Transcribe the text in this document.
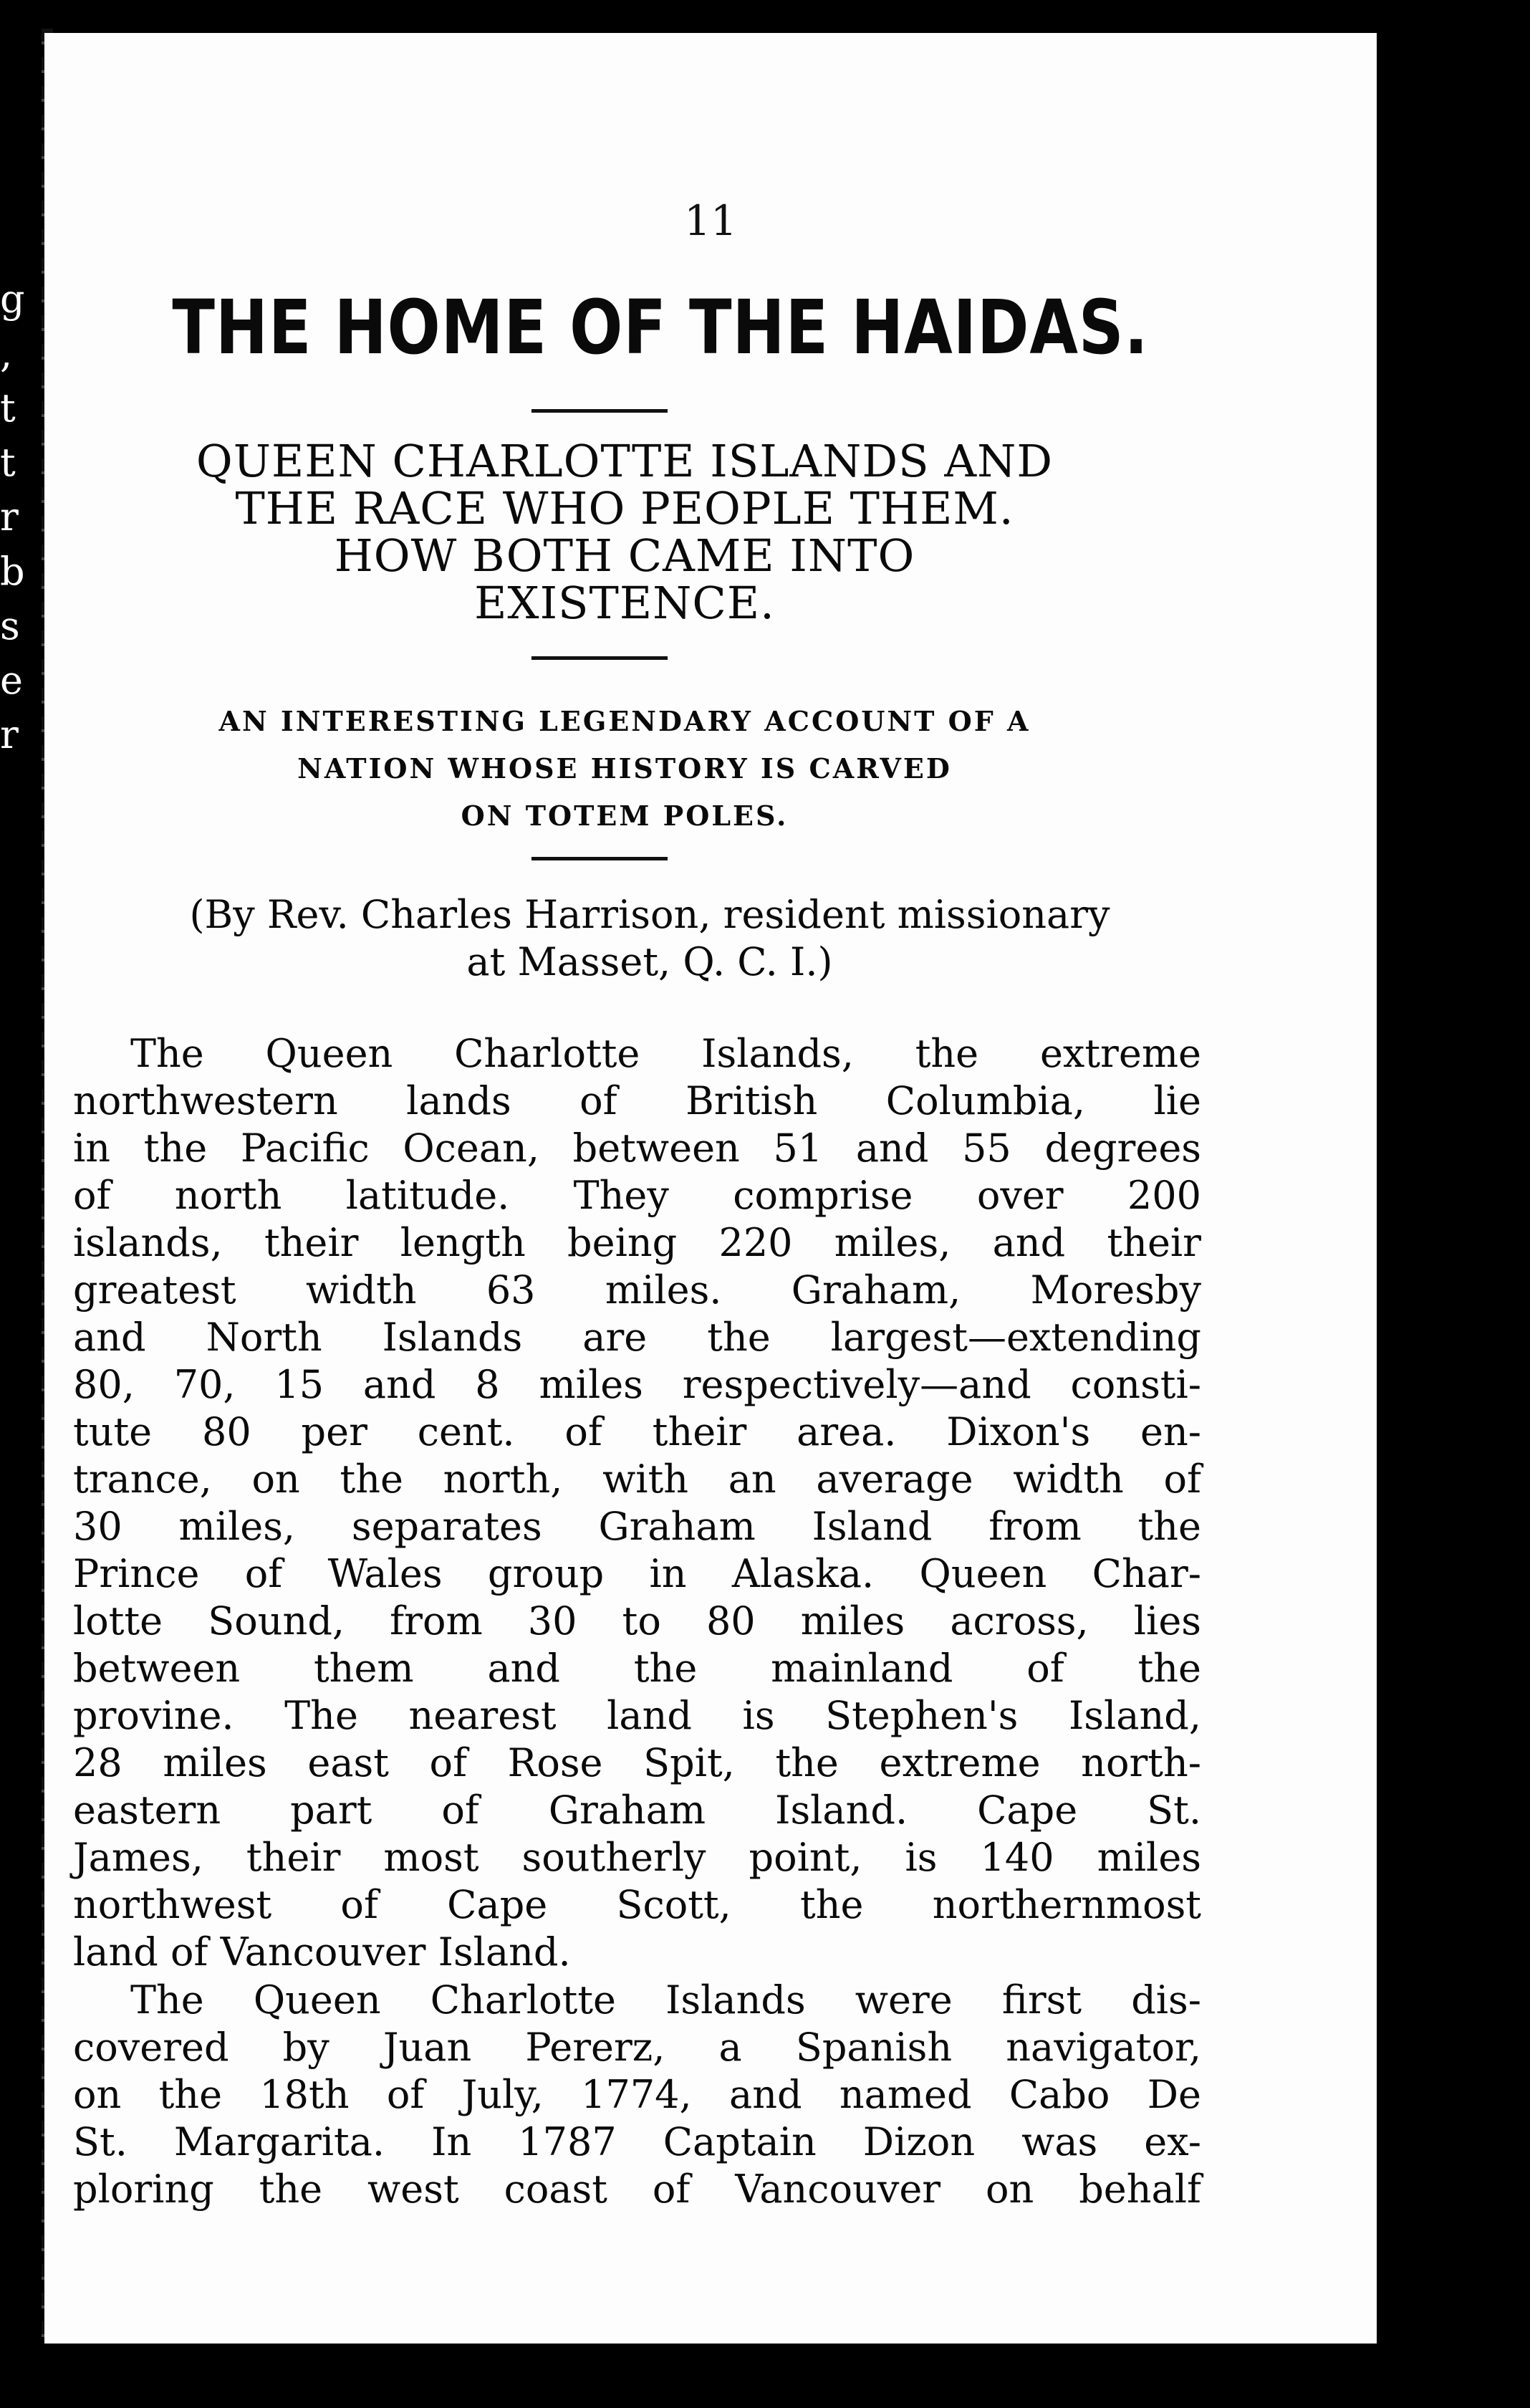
g
,
t
t
r
b
s
e
r
11
THE HOME OF THE HAIDAS.
QUEEN CHARLOTTE ISLANDS AND
THE RACE WHO PEOPLE THEM.
HOW BOTH CAME INTO
EXISTENCE.
AN INTERESTING LEGENDARY ACCOUNT OF A
NATION WHOSE HISTORY IS CARVED
ON TOTEM POLES.
(By Rev. Charles Harrison, resident missionary
at Masset, Q. C. I.)
The Queen Charlotte Islands, the extreme
northwestern lands of British Columbia, lie
in the Pacific Ocean, between 51 and 55 degrees
of north latitude. They comprise over 200
islands, their length being 220 miles, and their
greatest width 63 miles. Graham, Moresby
and North Islands are the largest—extending
80, 70, 15 and 8 miles respectively—and consti-
tute 80 per cent. of their area. Dixon's en-
trance, on the north, with an average width of
30 miles, separates Graham Island from the
Prince of Wales group in Alaska. Queen Char-
lotte Sound, from 30 to 80 miles across, lies
between them and the mainland of the
provine. The nearest land is Stephen's Island,
28 miles east of Rose Spit, the extreme north-
eastern part of Graham Island. Cape St.
James, their most southerly point, is 140 miles
northwest of Cape Scott, the northernmost
land of Vancouver Island.
The Queen Charlotte Islands were first dis-
covered by Juan Pererz, a Spanish navigator,
on the 18th of July, 1774, and named Cabo De
St. Margarita. In 1787 Captain Dizon was ex-
ploring the west coast of Vancouver on behalf
